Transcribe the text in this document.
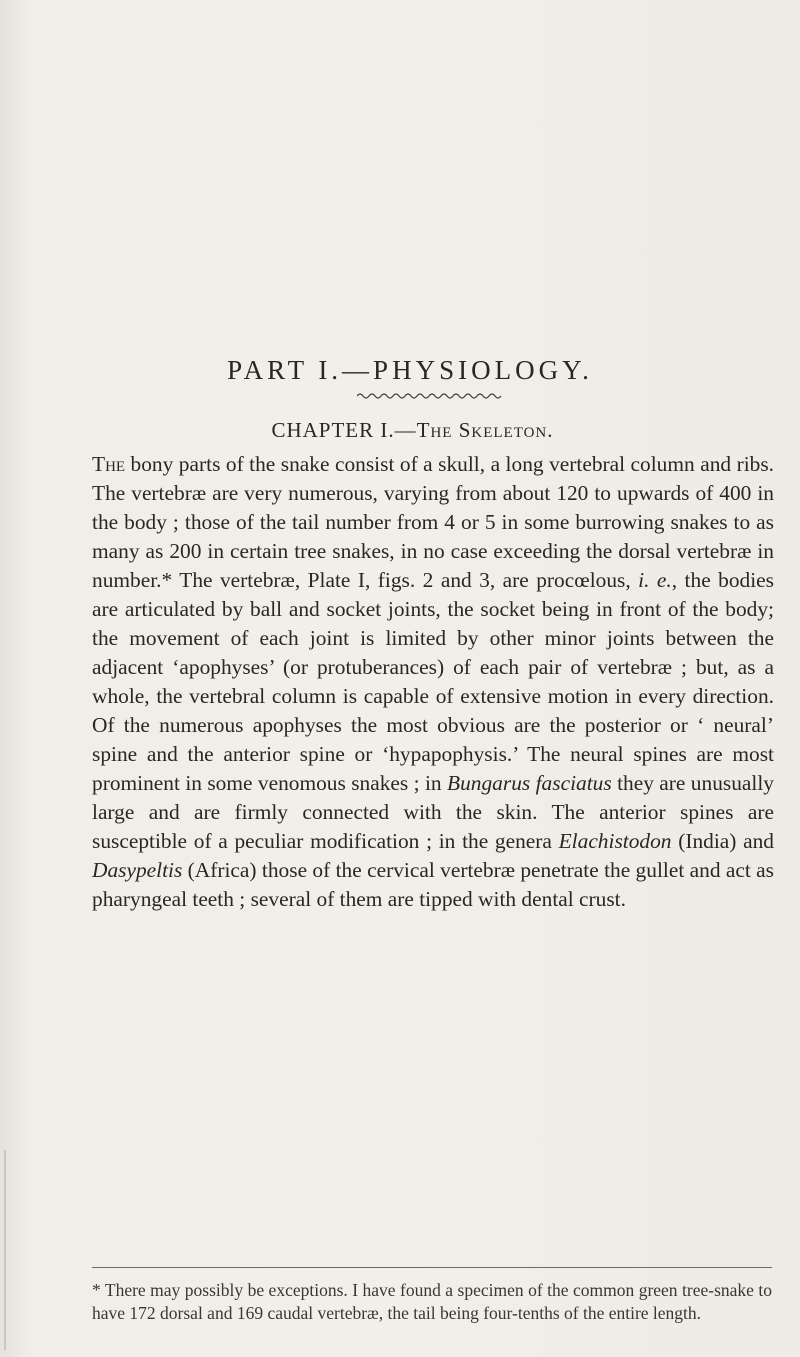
PART I.—PHYSIOLOGY.
CHAPTER I.—The Skeleton.

The bony parts of the snake consist of a skull, a long vertebral column and ribs. The vertebræ are very numerous, varying from about 120 to upwards of 400 in the body ; those of the tail number from 4 or 5 in some burrowing snakes to as many as 200 in certain tree snakes, in no case exceeding the dorsal vertebræ in number.* The vertebræ, Plate I, figs. 2 and 3, are procœlous, i. e., the bodies are articulated by ball and socket joints, the socket being in front of the body; the movement of each joint is limited by other minor joints between the adjacent ‘apophyses’ (or protuberances) of each pair of vertebræ ; but, as a whole, the vertebral column is capable of extensive motion in every direction. Of the numerous apophyses the most obvious are the posterior or ‘ neural’ spine and the anterior spine or ‘hypapophysis.’ The neural spines are most prominent in some venomous snakes ; in Bungarus fasciatus they are unusually large and are firmly connected with the skin. The anterior spines are susceptible of a peculiar modification ; in the genera Elachistodon (India) and Dasypeltis (Africa) those of the cervical vertebræ penetrate the gullet and act as pharyngeal teeth ; several of them are tipped with dental crust.

* There may possibly be exceptions. I have found a specimen of the common green tree-snake to have 172 dorsal and 169 caudal vertebræ, the tail being four-tenths of the entire length.
